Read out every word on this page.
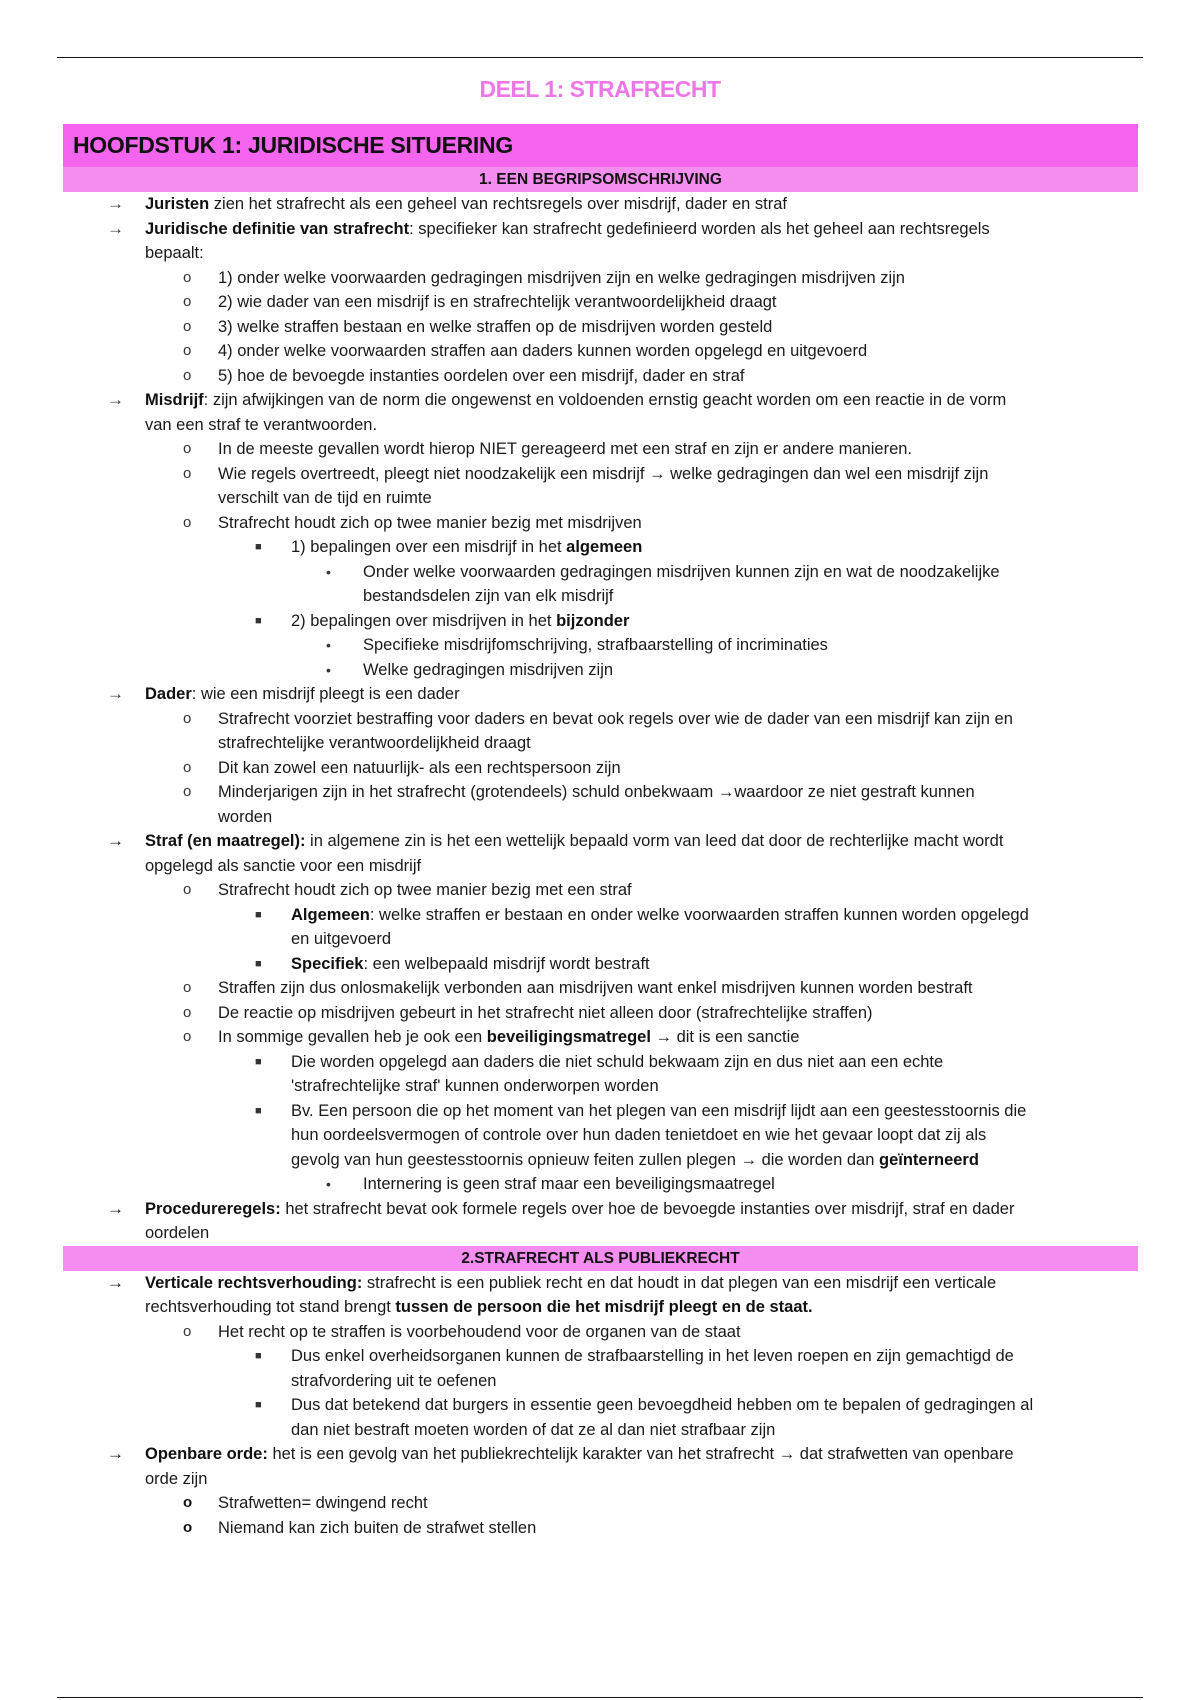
DEEL 1: STRAFRECHT
HOOFDSTUK 1: JURIDISCHE SITUERING
1. EEN BEGRIPSOMSCHRIJVING
→ Juristen zien het strafrecht als een geheel van rechtsregels over misdrijf, dader en straf
→ Juridische definitie van strafrecht: specifieker kan strafrecht gedefinieerd worden als het geheel aan rechtsregels
bepaalt:
o 1) onder welke voorwaarden gedragingen misdrijven zijn en welke gedragingen misdrijven zijn
o 2) wie dader van een misdrijf is en strafrechtelijk verantwoordelijkheid draagt
o 3) welke straffen bestaan en welke straffen op de misdrijven worden gesteld
o 4) onder welke voorwaarden straffen aan daders kunnen worden opgelegd en uitgevoerd
o 5) hoe de bevoegde instanties oordelen over een misdrijf, dader en straf
→ Misdrijf: zijn afwijkingen van de norm die ongewenst en voldoenden ernstig geacht worden om een reactie in de vorm
van een straf te verantwoorden.
o In de meeste gevallen wordt hierop NIET gereageerd met een straf en zijn er andere manieren.
o Wie regels overtreedt, pleegt niet noodzakelijk een misdrijf → welke gedragingen dan wel een misdrijf zijn
verschilt van de tijd en ruimte
o Strafrecht houdt zich op twee manier bezig met misdrijven
■ 1) bepalingen over een misdrijf in het algemeen
• Onder welke voorwaarden gedragingen misdrijven kunnen zijn en wat de noodzakelijke
bestandsdelen zijn van elk misdrijf
■ 2) bepalingen over misdrijven in het bijzonder
• Specifieke misdrijfomschrijving, strafbaarstelling of incriminaties
• Welke gedragingen misdrijven zijn
→ Dader: wie een misdrijf pleegt is een dader
o Strafrecht voorziet bestraffing voor daders en bevat ook regels over wie de dader van een misdrijf kan zijn en
strafrechtelijke verantwoordelijkheid draagt
o Dit kan zowel een natuurlijk- als een rechtspersoon zijn
o Minderjarigen zijn in het strafrecht (grotendeels) schuld onbekwaam →waardoor ze niet gestraft kunnen
worden
→ Straf (en maatregel): in algemene zin is het een wettelijk bepaald vorm van leed dat door de rechterlijke macht wordt
opgelegd als sanctie voor een misdrijf
o Strafrecht houdt zich op twee manier bezig met een straf
■ Algemeen: welke straffen er bestaan en onder welke voorwaarden straffen kunnen worden opgelegd
en uitgevoerd
■ Specifiek: een welbepaald misdrijf wordt bestraft
o Straffen zijn dus onlosmakelijk verbonden aan misdrijven want enkel misdrijven kunnen worden bestraft
o De reactie op misdrijven gebeurt in het strafrecht niet alleen door (strafrechtelijke straffen)
o In sommige gevallen heb je ook een beveiligingsmatregel → dit is een sanctie
■ Die worden opgelegd aan daders die niet schuld bekwaam zijn en dus niet aan een echte
'strafrechtelijke straf' kunnen onderworpen worden
■ Bv. Een persoon die op het moment van het plegen van een misdrijf lijdt aan een geestesstoornis die
hun oordeelsvermogen of controle over hun daden tenietdoet en wie het gevaar loopt dat zij als
gevolg van hun geestesstoornis opnieuw feiten zullen plegen → die worden dan geïnterneerd
• Internering is geen straf maar een beveiligingsmaatregel
→ Procedureregels: het strafrecht bevat ook formele regels over hoe de bevoegde instanties over misdrijf, straf en dader
oordelen
2.STRAFRECHT ALS PUBLIEKRECHT
→ Verticale rechtsverhouding: strafrecht is een publiek recht en dat houdt in dat plegen van een misdrijf een verticale
rechtsverhouding tot stand brengt tussen de persoon die het misdrijf pleegt en de staat.
o Het recht op te straffen is voorbehoudend voor de organen van de staat
■ Dus enkel overheidsorganen kunnen de strafbaarstelling in het leven roepen en zijn gemachtigd de
strafvordering uit te oefenen
■ Dus dat betekend dat burgers in essentie geen bevoegdheid hebben om te bepalen of gedragingen al
dan niet bestraft moeten worden of dat ze al dan niet strafbaar zijn
→ Openbare orde: het is een gevolg van het publiekrechtelijk karakter van het strafrecht → dat strafwetten van openbare
orde zijn
o Strafwetten= dwingend recht
o Niemand kan zich buiten de strafwet stellen
